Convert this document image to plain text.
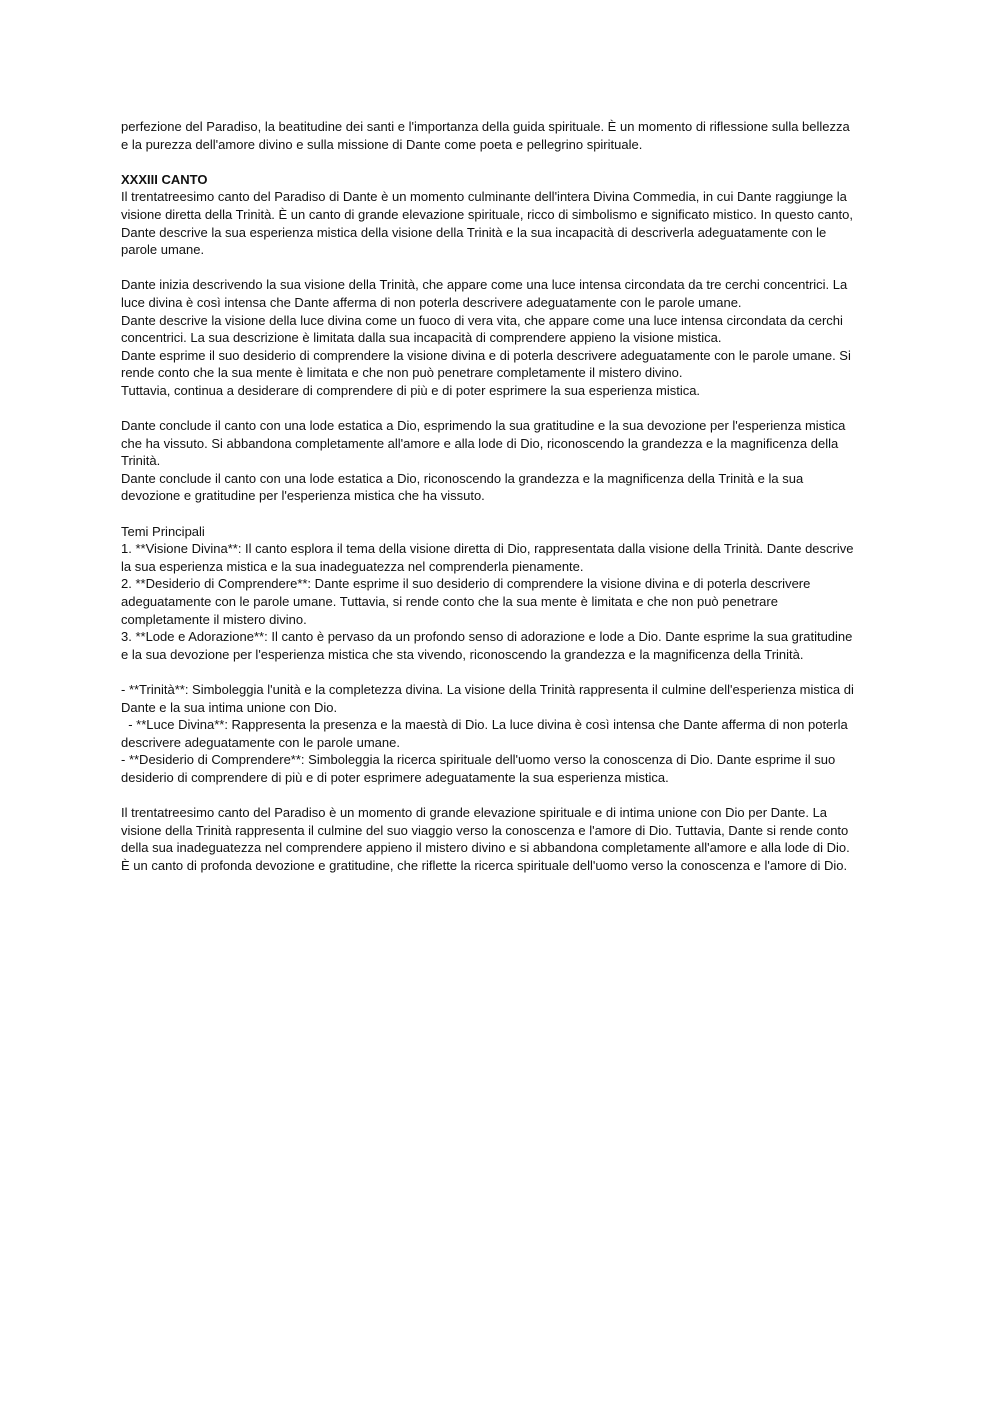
perfezione del Paradiso, la beatitudine dei santi e l'importanza della guida spirituale. È un momento di riflessione sulla bellezza
e la purezza dell'amore divino e sulla missione di Dante come poeta e pellegrino spirituale.
XXXIII CANTO
Il trentatreesimo canto del Paradiso di Dante è un momento culminante dell'intera Divina Commedia, in cui Dante raggiunge la
visione diretta della Trinità. È un canto di grande elevazione spirituale, ricco di simbolismo e significato mistico. In questo canto,
Dante descrive la sua esperienza mistica della visione della Trinità e la sua incapacità di descriverla adeguatamente con le
parole umane.
Dante inizia descrivendo la sua visione della Trinità, che appare come una luce intensa circondata da tre cerchi concentrici. La
luce divina è così intensa che Dante afferma di non poterla descrivere adeguatamente con le parole umane.
Dante descrive la visione della luce divina come un fuoco di vera vita, che appare come una luce intensa circondata da cerchi
concentrici. La sua descrizione è limitata dalla sua incapacità di comprendere appieno la visione mistica.
Dante esprime il suo desiderio di comprendere la visione divina e di poterla descrivere adeguatamente con le parole umane. Si
rende conto che la sua mente è limitata e che non può penetrare completamente il mistero divino.
Tuttavia, continua a desiderare di comprendere di più e di poter esprimere la sua esperienza mistica.
Dante conclude il canto con una lode estatica a Dio, esprimendo la sua gratitudine e la sua devozione per l'esperienza mistica
che ha vissuto. Si abbandona completamente all'amore e alla lode di Dio, riconoscendo la grandezza e la magnificenza della
Trinità.
Dante conclude il canto con una lode estatica a Dio, riconoscendo la grandezza e la magnificenza della Trinità e la sua
devozione e gratitudine per l'esperienza mistica che ha vissuto.
Temi Principali
1. **Visione Divina**: Il canto esplora il tema della visione diretta di Dio, rappresentata dalla visione della Trinità. Dante descrive
la sua esperienza mistica e la sua inadeguatezza nel comprenderla pienamente.
2. **Desiderio di Comprendere**: Dante esprime il suo desiderio di comprendere la visione divina e di poterla descrivere
adeguatamente con le parole umane. Tuttavia, si rende conto che la sua mente è limitata e che non può penetrare
completamente il mistero divino.
3. **Lode e Adorazione**: Il canto è pervaso da un profondo senso di adorazione e lode a Dio. Dante esprime la sua gratitudine
e la sua devozione per l'esperienza mistica che sta vivendo, riconoscendo la grandezza e la magnificenza della Trinità.
- **Trinità**: Simboleggia l'unità e la completezza divina. La visione della Trinità rappresenta il culmine dell'esperienza mistica di
Dante e la sua intima unione con Dio.
- **Luce Divina**: Rappresenta la presenza e la maestà di Dio. La luce divina è così intensa che Dante afferma di non poterla
descrivere adeguatamente con le parole umane.
- **Desiderio di Comprendere**: Simboleggia la ricerca spirituale dell'uomo verso la conoscenza di Dio. Dante esprime il suo
desiderio di comprendere di più e di poter esprimere adeguatamente la sua esperienza mistica.
Il trentatreesimo canto del Paradiso è un momento di grande elevazione spirituale e di intima unione con Dio per Dante. La
visione della Trinità rappresenta il culmine del suo viaggio verso la conoscenza e l'amore di Dio. Tuttavia, Dante si rende conto
della sua inadeguatezza nel comprendere appieno il mistero divino e si abbandona completamente all'amore e alla lode di Dio.
È un canto di profonda devozione e gratitudine, che riflette la ricerca spirituale dell'uomo verso la conoscenza e l'amore di Dio.
